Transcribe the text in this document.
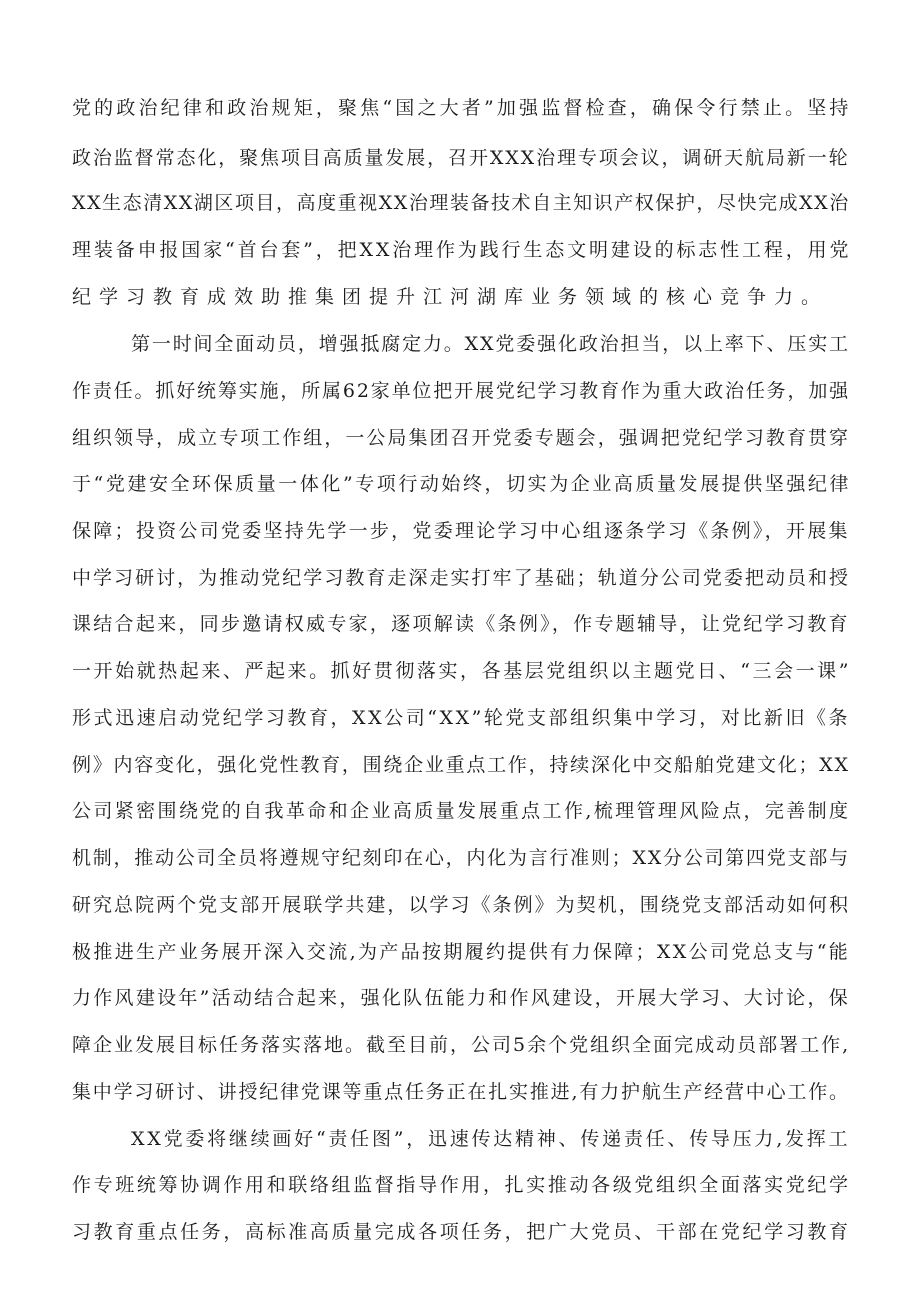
党的政治纪律和政治规矩，聚焦“国之大者”加强监督检查，确保令行禁止。坚持
政治监督常态化，聚焦项目高质量发展，召开XXX治理专项会议，调研天航局新一轮
XX生态清XX湖区项目，高度重视XX治理装备技术自主知识产权保护，尽快完成XX治
理装备申报国家“首台套”，把XX治理作为践行生态文明建设的标志性工程，用党
纪学习教育成效助推集团提升江河湖库业务领域的核心竞争力。
第一时间全面动员，增强抵腐定力。XX党委强化政治担当，以上率下、压实工
作责任。抓好统筹实施，所属62家单位把开展党纪学习教育作为重大政治任务，加强
组织领导，成立专项工作组，一公局集团召开党委专题会，强调把党纪学习教育贯穿
于“党建安全环保质量一体化”专项行动始终，切实为企业高质量发展提供坚强纪律
保障；投资公司党委坚持先学一步，党委理论学习中心组逐条学习《条例》，开展集
中学习研讨，为推动党纪学习教育走深走实打牢了基础；轨道分公司党委把动员和授
课结合起来，同步邀请权威专家，逐项解读《条例》，作专题辅导，让党纪学习教育
一开始就热起来、严起来。抓好贯彻落实，各基层党组织以主题党日、“三会一课”
形式迅速启动党纪学习教育，XX公司“XX”轮党支部组织集中学习，对比新旧《条
例》内容变化，强化党性教育，围绕企业重点工作，持续深化中交船舶党建文化；XX
公司紧密围绕党的自我革命和企业高质量发展重点工作,梳理管理风险点，完善制度
机制，推动公司全员将遵规守纪刻印在心，内化为言行准则；XX分公司第四党支部与
研究总院两个党支部开展联学共建，以学习《条例》为契机，围绕党支部活动如何积
极推进生产业务展开深入交流,为产品按期履约提供有力保障；XX公司党总支与“能
力作风建设年”活动结合起来，强化队伍能力和作风建设，开展大学习、大讨论，保
障企业发展目标任务落实落地。截至目前，公司5余个党组织全面完成动员部署工作,
集中学习研讨、讲授纪律党课等重点任务正在扎实推进,有力护航生产经营中心工作。
XX党委将继续画好“责任图”，迅速传达精神、传递责任、传导压力,发挥工
作专班统筹协调作用和联络组监督指导作用，扎实推动各级党组织全面落实党纪学
习教育重点任务，高标准高质量完成各项任务，把广大党员、干部在党纪学习教育
